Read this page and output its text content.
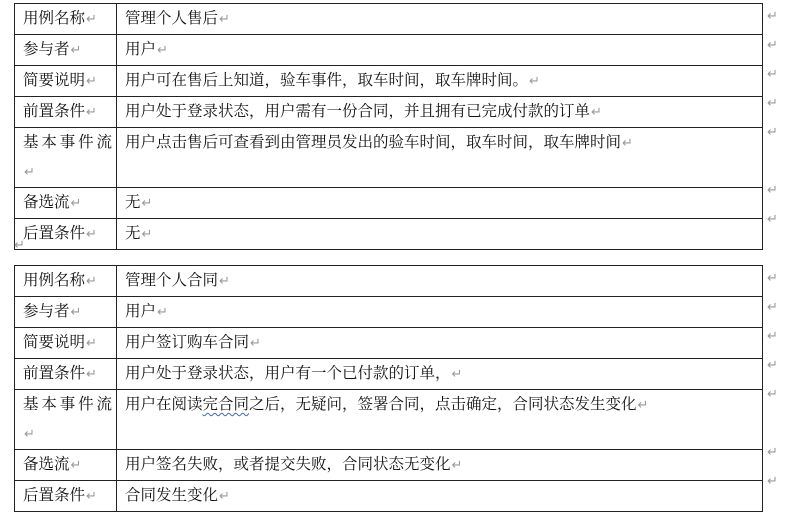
用例名称↵	管理个人售后↵
参与者↵	用户↵
简要说明↵	用户可在售后上知道，验车事件，取车时间，取车牌时间。↵
前置条件↵	用户处于登录状态，用户需有一份合同，并且拥有已完成付款的订单↵
基本事件流↵	用户点击售后可查看到由管理员发出的验车时间，取车时间，取车牌时间↵
备选流↵	无↵
后置条件↵	无↵
↵
用例名称↵	管理个人合同↵
参与者↵	用户↵
简要说明↵	用户签订购车合同↵
前置条件↵	用户处于登录状态，用户有一个已付款的订单，↵
基本事件流↵	用户在阅读完合同之后，无疑问，签署合同，点击确定，合同状态发生变化↵
备选流↵	用户签名失败，或者提交失败，合同状态无变化↵
后置条件↵	合同发生变化↵
↵
↵
↵
↵
↵
↵
↵
↵
↵
↵
↵
↵
↵
↵
